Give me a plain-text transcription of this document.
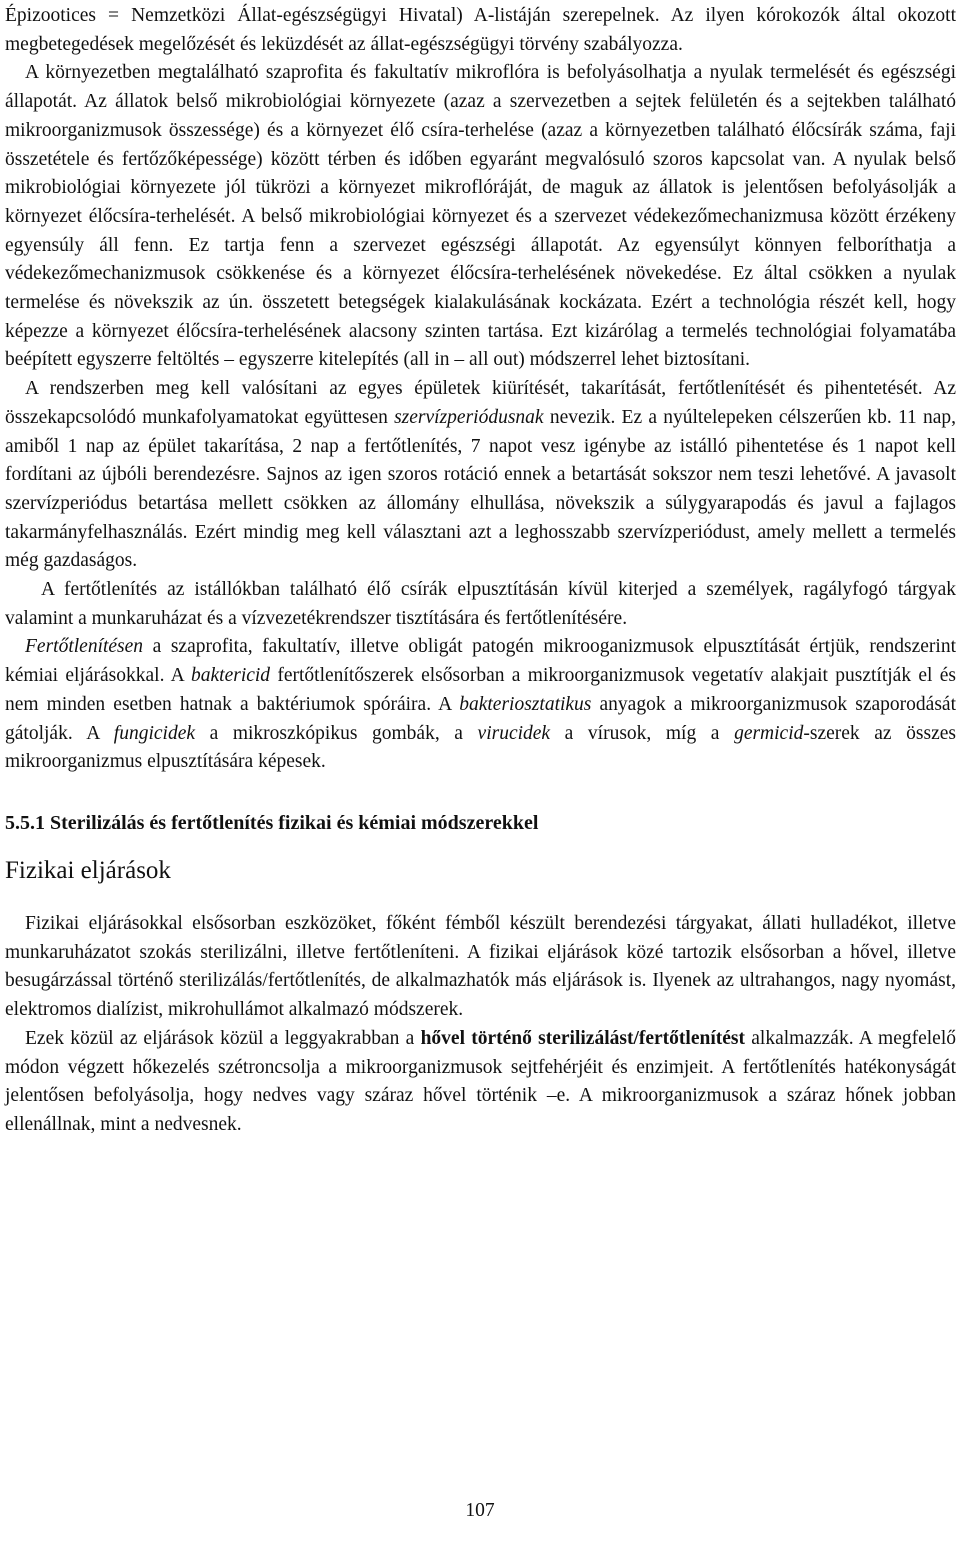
Épizootices = Nemzetközi Állat-egészségügyi Hivatal) A-listáján szerepelnek. Az ilyen kórokozók által okozott megbetegedések megelőzését és leküzdését az állat-egészségügyi törvény szabályozza.

A környezetben megtalálható szaprofita és fakultatív mikroflóra is befolyásolhatja a nyulak termelését és egészségi állapotát. Az állatok belső mikrobiológiai környezete (azaz a szervezetben a sejtek felületén és a sejtekben található mikroorganizmusok összessége) és a környezet élő csíra-terhelése (azaz a környezetben található élőcsírák száma, faji összetétele és fertőzőképessége) között térben és időben egyaránt megvalósuló szoros kapcsolat van. A nyulak belső mikrobiológiai környezete jól tükrözi a környezet mikroflóráját, de maguk az állatok is jelentősen befolyásolják a környezet élőcsíra-terhelését. A belső mikrobiológiai környezet és a szervezet védekezőmechanizmusa között érzékeny egyensúly áll fenn. Ez tartja fenn a szervezet egészségi állapotát. Az egyensúlyt könnyen felboríthatja a védekezőmechanizmusok csökkenése és a környezet élőcsíra-terhelésének növekedése. Ez által csökken a nyulak termelése és növekszik az ún. összetett betegségek kialakulásának kockázata. Ezért a technológia részét kell, hogy képezze a környezet élőcsíra-terhelésének alacsony szinten tartása. Ezt kizárólag a termelés technológiai folyamatába beépített egyszerre feltöltés – egyszerre kitelepítés (all in – all out) módszerrel lehet biztosítani.

A rendszerben meg kell valósítani az egyes épületek kiürítését, takarítását, fertőtlenítését és pihentetését. Az összekapcsolódó munkafolyamatokat együttesen szervízperiódusnak nevezik. Ez a nyúltelepeken célszerűen kb. 11 nap, amiből 1 nap az épület takarítása, 2 nap a fertőtlenítés, 7 napot vesz igénybe az istálló pihentetése és 1 napot kell fordítani az újbóli berendezésre. Sajnos az igen szoros rotáció ennek a betartását sokszor nem teszi lehetővé. A javasolt szervízperiódus betartása mellett csökken az állomány elhullása, növekszik a súlygyarapodás és javul a fajlagos takarmányfelhasználás. Ezért mindig meg kell választani azt a leghosszabb szervízperiódust, amely mellett a termelés még gazdaságos.

A fertőtlenítés az istállókban található élő csírák elpusztításán kívül kiterjed a személyek, ragályfogó tárgyak valamint a munkaruházat és a vízvezetékrendszer tisztítására és fertőtlenítésére.

Fertőtlenítésen a szaprofita, fakultatív, illetve obligát patogén mikrooganizmusok elpusztítását értjük, rendszerint kémiai eljárásokkal. A baktericid fertőtlenítőszerek elsősorban a mikroorganizmusok vegetatív alakjait pusztítják el és nem minden esetben hatnak a baktériumok spóráira. A bakteriosztatikus anyagok a mikroorganizmusok szaporodását gátolják. A fungicidek a mikroszkópikus gombák, a virucidek a vírusok, míg a germicid-szerek az összes mikroorganizmus elpusztítására képesek.

5.5.1 Sterilizálás és fertőtlenítés fizikai és kémiai módszerekkel
Fizikai eljárások

Fizikai eljárásokkal elsősorban eszközöket, főként fémből készült berendezési tárgyakat, állati hulladékot, illetve munkaruházatot szokás sterilizálni, illetve fertőtleníteni. A fizikai eljárások közé tartozik elsősorban a hővel, illetve besugárzással történő sterilizálás/fertőtlenítés, de alkalmazhatók más eljárások is. Ilyenek az ultrahangos, nagy nyomást, elektromos dialízist, mikrohullámot alkalmazó módszerek.

Ezek közül az eljárások közül a leggyakrabban a hővel történő sterilizálást/fertőtlenítést alkalmazzák. A megfelelő módon végzett hőkezelés szétroncsolja a mikroorganizmusok sejtfehérjéit és enzimjeit. A fertőtlenítés hatékonyságát jelentősen befolyásolja, hogy nedves vagy száraz hővel történik –e. A mikroorganizmusok a száraz hőnek jobban ellenállnak, mint a nedvesnek.

107
